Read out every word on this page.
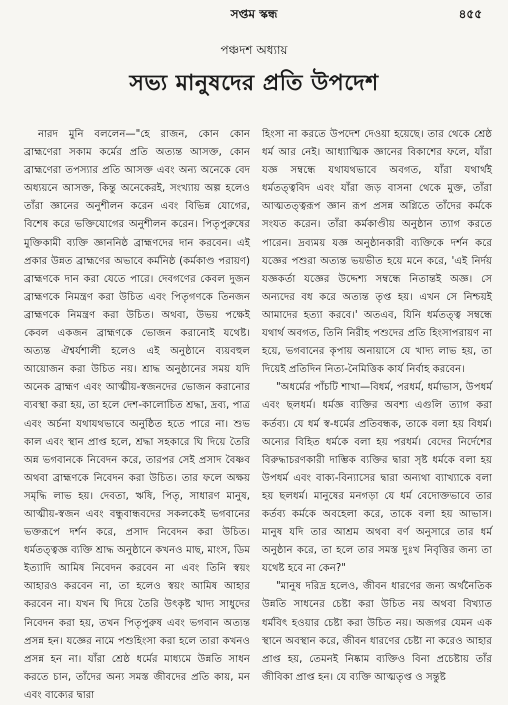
সপ্তম স্কন্ধ	৪৫৫
পঞ্চদশ অধ্যায়
সভ্য মানুষদের প্রতি উপদেশ

নারদ মুনি বললেন—"হে রাজন, কোন কোন ব্রাহ্মণেরা সকাম কর্মের প্রতি অত্যন্ত আসক্ত, কোন ব্রাহ্মণেরা তপস্যার প্রতি আসক্ত এবং অন্য অনেকে বেদ অধ্যয়নে আসক্ত, কিন্তু অনেকেরই, সংখ্যায় অল্প হলেও তাঁরা জ্ঞানের অনুশীলন করেন এবং বিভিন্ন যোগের, বিশেষ করে ভক্তিযোগের অনুশীলন করেন। পিতৃপুরুষের মুক্তিকামী ব্যক্তি জ্ঞাননিষ্ঠ ব্রাহ্মণদের দান করবেন। এই প্রকার উন্নত ব্রাহ্মণের অভাবে কর্মনিষ্ঠ (কর্মকাণ্ড পরায়ণ) ব্রাহ্মণকে দান করা যেতে পারে। দেবগণের কেবল দুজন ব্রাহ্মণকে নিমন্ত্রণ করা উচিত এবং পিতৃগণকে তিনজন ব্রাহ্মণকে নিমন্ত্রণ করা উচিত। অথবা, উভয় পক্ষেই কেবল একজন ব্রাহ্মণকে ভোজন করানোই যথেষ্ট। অত্যন্ত ঐশ্বর্যশালী হলেও এই অনুষ্ঠানে ব্যয়বহুল আয়োজন করা উচিত নয়। শ্রাদ্ধ অনুষ্ঠানের সময় যদি অনেক ব্রাহ্মণ এবং আত্মীয়-স্বজনদের ভোজন করানোর ব্যবস্থা করা হয়, তা হলে দেশ-কালোচিত শ্রদ্ধা, দ্রব্য, পাত্র এবং অর্চনা যথাযথভাবে অনুষ্ঠিত হতে পারে না। শুভ কাল এবং স্থান প্রাপ্ত হলে, শ্রদ্ধা সহকারে ঘি দিয়ে তৈরি অন্ন ভগবানকে নিবেদন করে, তারপর সেই প্রসাদ বৈষ্ণব অথবা ব্রাহ্মণকে নিবেদন করা উচিত। তার ফলে অক্ষয় সমৃদ্ধি লাভ হয়। দেবতা, ঋষি, পিতৃ, সাধারণ মানুষ, আত্মীয়-স্বজন এবং বন্ধুবান্ধবদের সকলকেই ভগবানের ভক্তরূপে দর্শন করে, প্রসাদ নিবেদন করা উচিত। ধর্মতত্ত্বজ্ঞ ব্যক্তি শ্রাদ্ধ অনুষ্ঠানে কখনও মাছ, মাংস, ডিম ইত্যাদি আমিষ নিবেদন করবেন না এবং তিনি স্বয়ং আহারও করবেন না, তা হলেও স্বয়ং আমিষ আহার করবেন না। যখন ঘি দিয়ে তৈরি উৎকৃষ্ট খাদ্য সাধুদের নিবেদন করা হয়, তখন পিতৃপুরুষ এবং ভগবান অত্যন্ত প্রসন্ন হন। যজ্ঞের নামে পশুহিংসা করা হলে তারা কখনও প্রসন্ন হন না। যাঁরা শ্রেষ্ঠ ধর্মের মাধ্যমে উন্নতি সাধন করতে চান, তাঁদের অন্য সমস্ত জীবদের প্রতি কায়, মন এবং বাক্যের দ্বারা

হিংসা না করতে উপদেশ দেওয়া হয়েছে। তার থেকে শ্রেষ্ঠ ধর্ম আর নেই। আধ্যাত্মিক জ্ঞানের বিকাশের ফলে, যাঁরা যজ্ঞ সম্বন্ধে যথাযথভাবে অবগত, যাঁরা যথার্থই ধর্মতত্ত্ববিদ এবং যাঁরা জড় বাসনা থেকে মুক্ত, তাঁরা আত্মতত্ত্বরূপ জ্ঞান রূপ প্রসন্ন অগ্নিতে তাঁদের কর্মকে সংযত করেন। তাঁরা কর্মকাণ্ডীয় অনুষ্ঠান ত্যাগ করতে পারেন। দ্রব্যময় যজ্ঞ অনুষ্ঠানকারী ব্যক্তিকে দর্শন করে যজ্ঞের পশুরা অত্যন্ত ভয়ভীত হয়ে মনে করে, 'এই নির্দয় যজ্ঞকর্তা যজ্ঞের উদ্দেশ্য সম্বন্ধে নিতান্তই অজ্ঞ। সে অন্যদের বধ করে অত্যন্ত তৃপ্ত হয়। এখন সে নিশ্চয়ই আমাদের হত্যা করবে।' অতএব, যিনি ধর্মতত্ত্ব সম্বন্ধে যথার্থ অবগত, তিনি নিরীহ পশুদের প্রতি হিংসাপরায়ণ না হয়ে, ভগবানের কৃপায় অনায়াসে যে খাদ্য লাভ হয়, তা দিয়েই প্রতিদিন নিত্য-নৈমিত্তিক কার্য নির্বাহ করবেন।

"অধর্মের পাঁচটি শাখা—বিধর্ম, পরধর্ম, ধর্মাভাস, উপধর্ম এবং ছলধর্ম। ধর্মজ্ঞ ব্যক্তির অবশ্য এগুলি ত্যাগ করা কর্তব্য। যে ধর্ম স্ব-ধর্মের প্রতিবন্ধক, তাকে বলা হয় বিধর্ম। অন্যের বিহিত ধর্মকে বলা হয় পরধর্ম। বেদের নির্দেশের বিরুদ্ধাচরণকারী দাম্ভিক ব্যক্তির দ্বারা সৃষ্ট ধর্মকে বলা হয় উপধর্ম এবং বাক্য-বিন্যাসের দ্বারা অন্যথা ব্যাখ্যাকে বলা হয় ছলধর্ম। মানুষের মনগড়া যে ধর্ম বেদোক্তভাবে তার কর্তব্য কর্মকে অবহেলা করে, তাকে বলা হয় আভাস। মানুষ যদি তার আশ্রম অথবা বর্ণ অনুসারে তার ধর্ম অনুষ্ঠান করে, তা হলে তার সমস্ত দুঃখ নিবৃত্তির জন্য তা যথেষ্ট হবে না কেন?"

"মানুষ দরিদ্র হলেও, জীবন ধারণের জন্য অর্থনৈতিক উন্নতি সাধনের চেষ্টা করা উচিত নয় অথবা বিখ্যাত ধর্মবিৎ হওয়ার চেষ্টা করা উচিত নয়। অজগর যেমন এক স্থানে অবস্থান করে, জীবন ধারণের চেষ্টা না করেও আহার প্রাপ্ত হয়, তেমনই নিষ্কাম ব্যক্তিও বিনা প্রচেষ্টায় তাঁর জীবিকা প্রাপ্ত হন। যে ব্যক্তি আত্মতৃপ্ত ও সন্তুষ্ট
